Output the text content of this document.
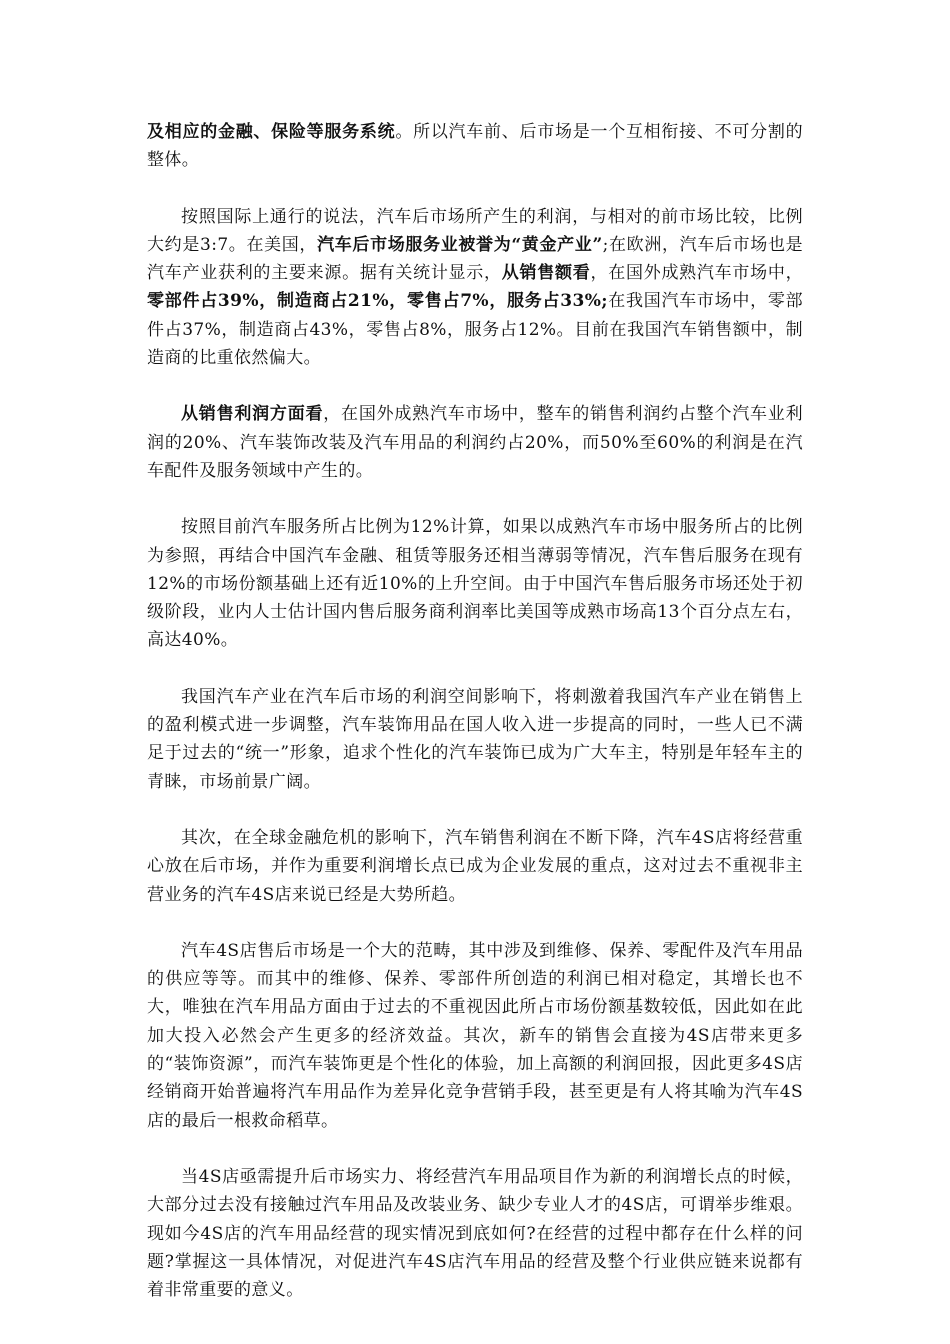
及相应的金融、保险等服务系统。所以汽车前、后市场是一个互相衔接、不可分割的整体。

按照国际上通行的说法，汽车后市场所产生的利润，与相对的前市场比较，比例大约是3:7。在美国，汽车后市场服务业被誉为“黄金产业”;在欧洲，汽车后市场也是汽车产业获利的主要来源。据有关统计显示，从销售额看，在国外成熟汽车市场中，零部件占39%，制造商占21%，零售占7%，服务占33%;在我国汽车市场中，零部件占37%，制造商占43%，零售占8%，服务占12%。目前在我国汽车销售额中，制造商的比重依然偏大。

从销售利润方面看，在国外成熟汽车市场中，整车的销售利润约占整个汽车业利润的20%、汽车装饰改装及汽车用品的利润约占20%，而50%至60%的利润是在汽车配件及服务领域中产生的。

按照目前汽车服务所占比例为12%计算，如果以成熟汽车市场中服务所占的比例为参照，再结合中国汽车金融、租赁等服务还相当薄弱等情况，汽车售后服务在现有12%的市场份额基础上还有近10%的上升空间。由于中国汽车售后服务市场还处于初级阶段，业内人士估计国内售后服务商利润率比美国等成熟市场高13个百分点左右，高达40%。

我国汽车产业在汽车后市场的利润空间影响下，将刺激着我国汽车产业在销售上的盈利模式进一步调整，汽车装饰用品在国人收入进一步提高的同时，一些人已不满足于过去的“统一”形象，追求个性化的汽车装饰已成为广大车主，特别是年轻车主的青睐，市场前景广阔。

其次，在全球金融危机的影响下，汽车销售利润在不断下降，汽车4S店将经营重心放在后市场，并作为重要利润增长点已成为企业发展的重点，这对过去不重视非主营业务的汽车4S店来说已经是大势所趋。

汽车4S店售后市场是一个大的范畴，其中涉及到维修、保养、零配件及汽车用品的供应等等。而其中的维修、保养、零部件所创造的利润已相对稳定，其增长也不大，唯独在汽车用品方面由于过去的不重视因此所占市场份额基数较低，因此如在此加大投入必然会产生更多的经济效益。其次，新车的销售会直接为4S店带来更多的“装饰资源”，而汽车装饰更是个性化的体验，加上高额的利润回报，因此更多4S店经销商开始普遍将汽车用品作为差异化竞争营销手段，甚至更是有人将其喻为汽车4S店的最后一根救命稻草。

当4S店亟需提升后市场实力、将经营汽车用品项目作为新的利润增长点的时候，大部分过去没有接触过汽车用品及改装业务、缺少专业人才的4S店，可谓举步维艰。现如今4S店的汽车用品经营的现实情况到底如何?在经营的过程中都存在什么样的问题?掌握这一具体情况，对促进汽车4S店汽车用品的经营及整个行业供应链来说都有着非常重要的意义。
